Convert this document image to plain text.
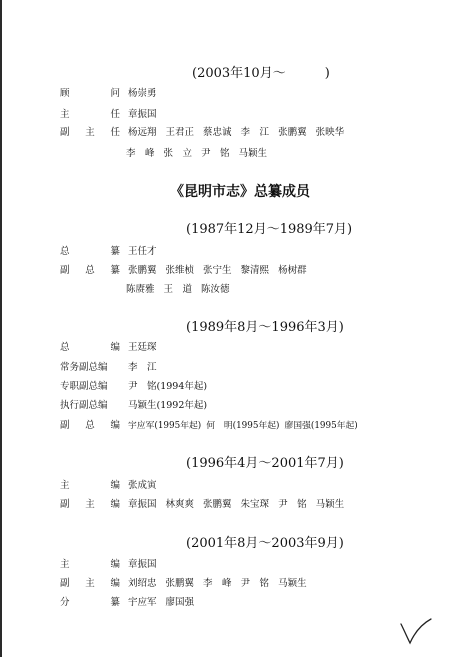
(2003年10月～　　　)
顾	问 杨崇勇
主	任 章振国
副 主 任 杨远翔 王君正 蔡忠诚 李　江 张鹏翼 张映华
李　峰 张　立 尹　铭 马颖生
《昆明市志》总纂成员
(1987年12月～1989年7月)
总	纂 王任才
副 总 纂 张鹏翼 张维桢 张宁生 黎清熙 杨树群
陈赓雅 王　道 陈汝德
(1989年8月～1996年3月)
总	编 王廷琛
常务副总编 李　江
专职副总编 尹　铭(1994年起)
执行副总编 马颖生(1992年起)
副 总 编 宇应军(1995年起) 何　明(1995年起) 廖国强(1995年起)
(1996年4月～2001年7月)
主	编 张成寅
副 主 编 章振国 林爽爽 张鹏翼 朱宝琛 尹　铭 马颖生
(2001年8月～2003年9月)
主	编 章振国
副 主 编 刘绍忠 张鹏翼 李　峰 尹　铭 马颖生
分	纂 宇应军 廖国强
